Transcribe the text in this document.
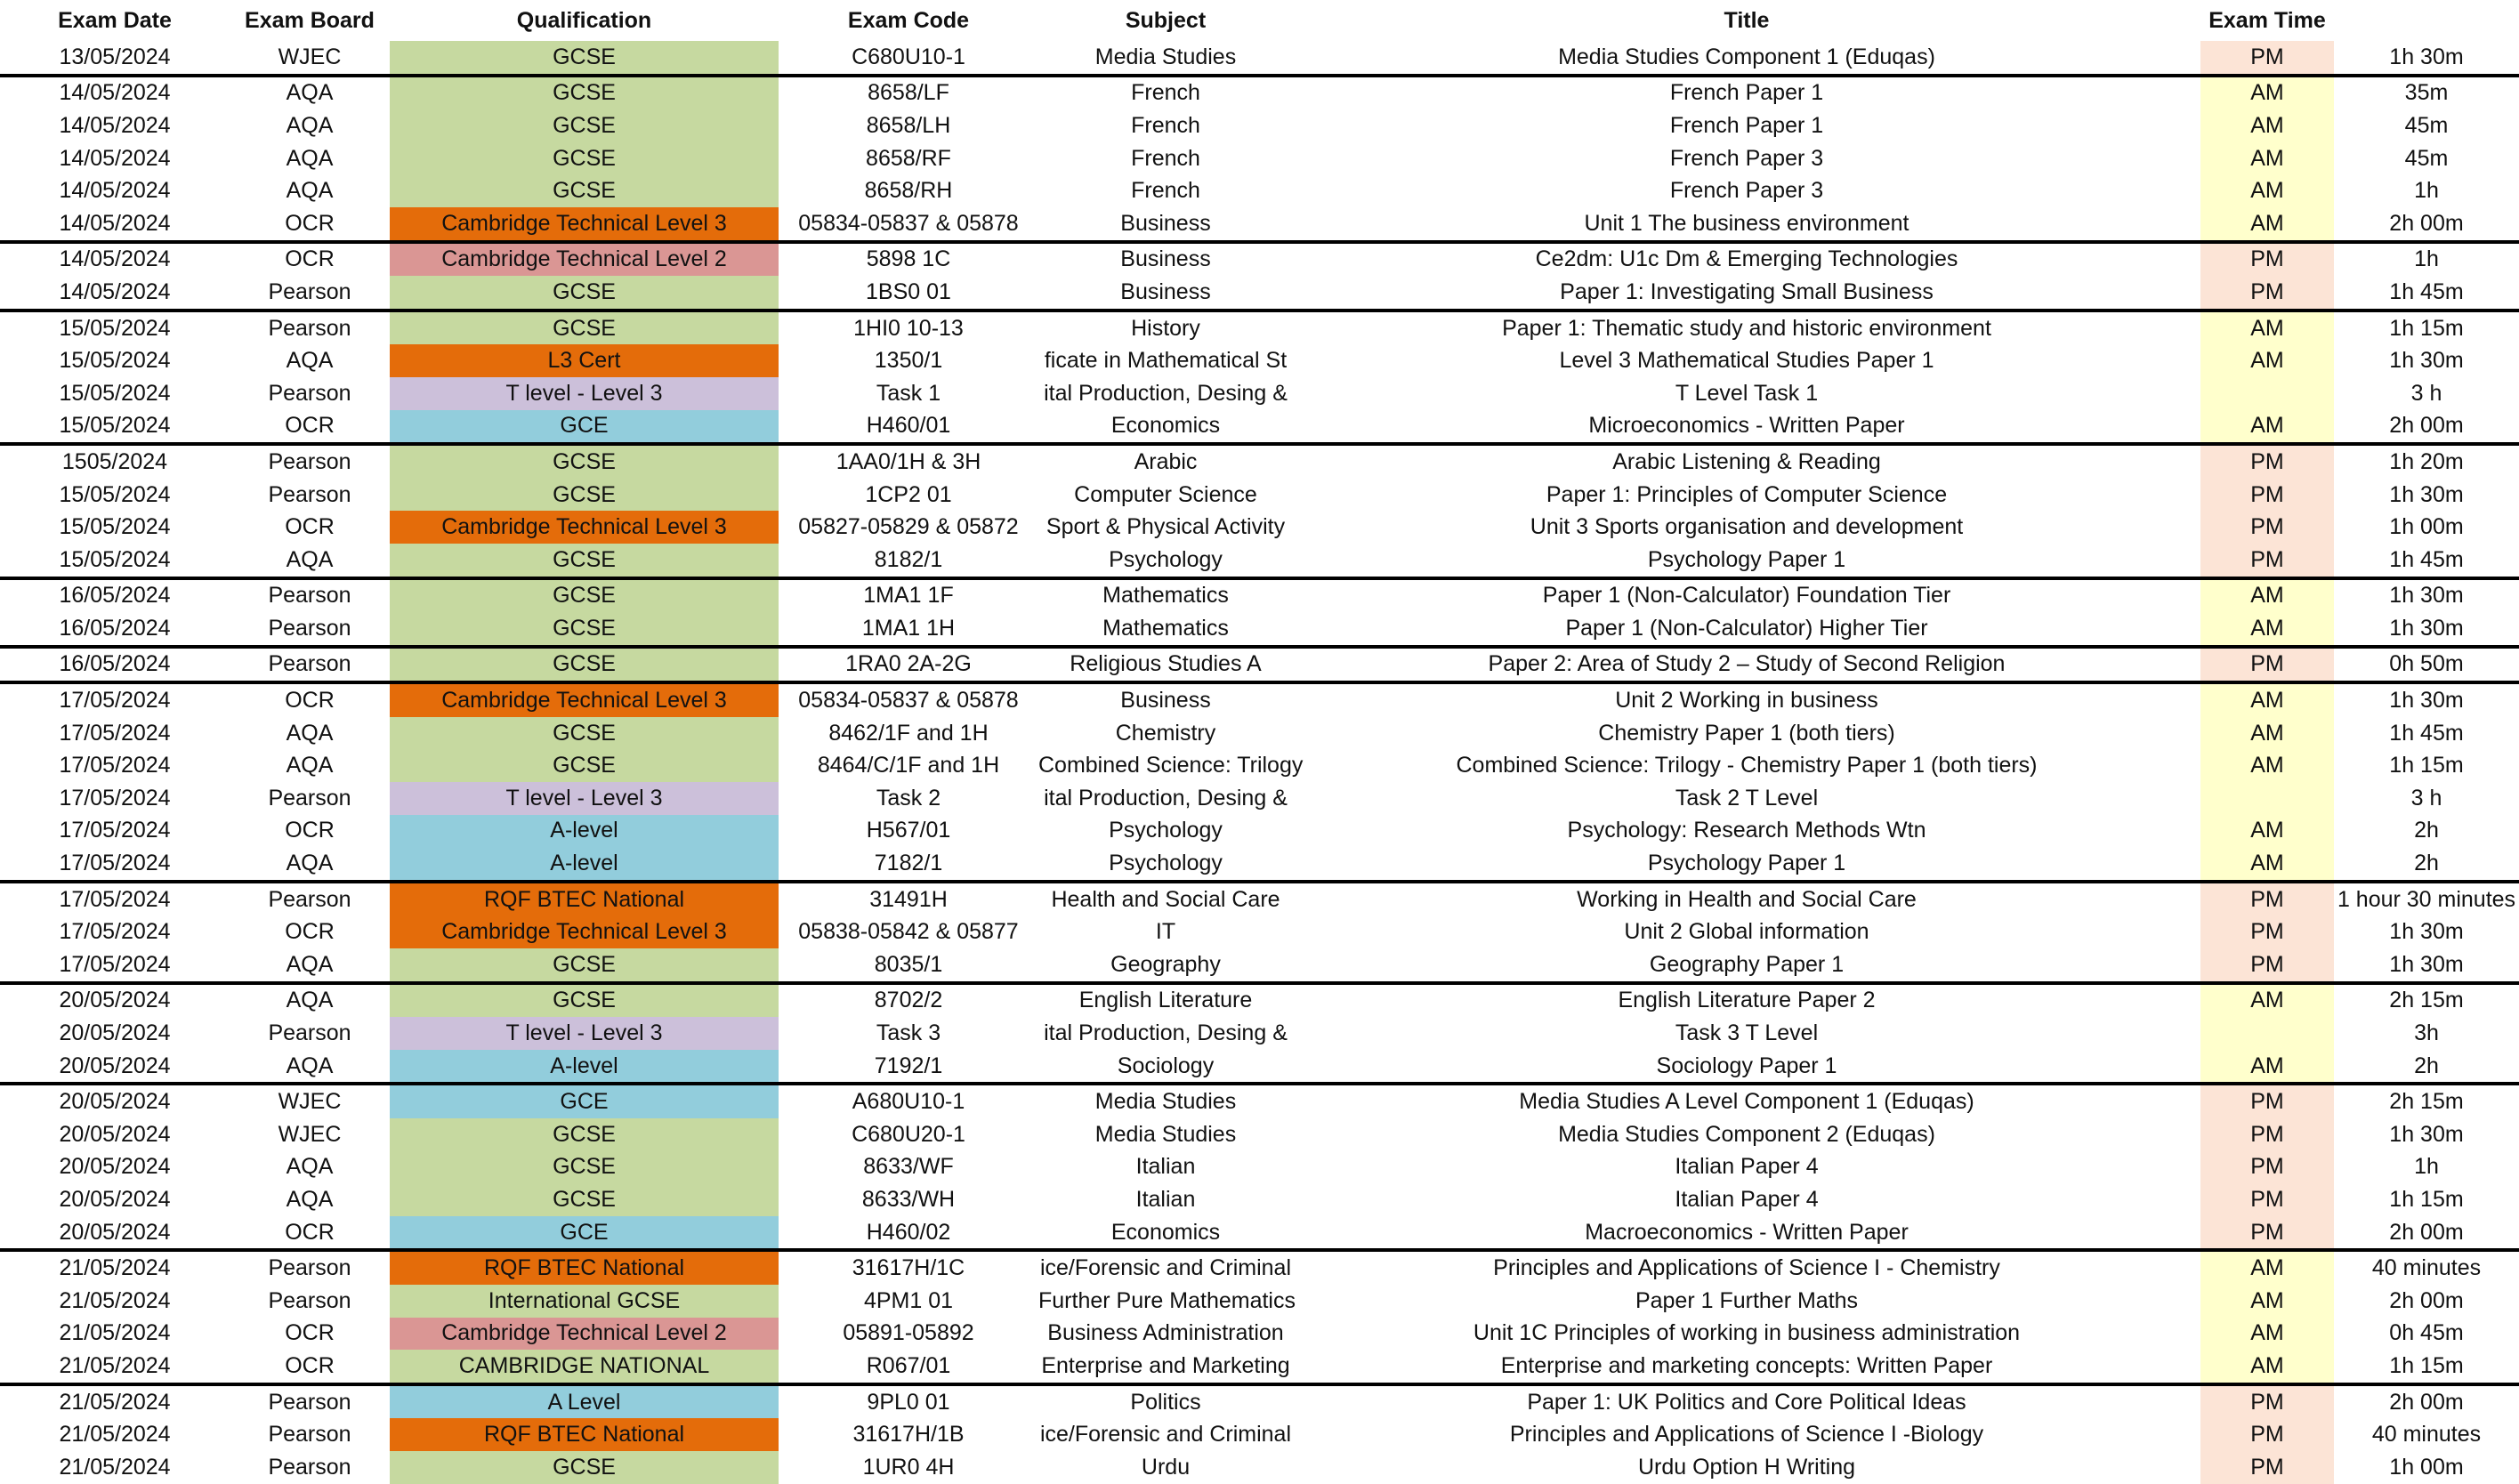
Exam Date	Exam Board	Qualification	Exam Code	Subject	Title	Exam Time	
13/05/2024	WJEC	GCSE	C680U10-1	Media Studies	Media Studies Component 1 (Eduqas)	PM	1h 30m
14/05/2024	AQA	GCSE	8658/LF	French	French Paper 1	AM	35m
14/05/2024	AQA	GCSE	8658/LH	French	French Paper 1	AM	45m
14/05/2024	AQA	GCSE	8658/RF	French	French Paper 3	AM	45m
14/05/2024	AQA	GCSE	8658/RH	French	French Paper 3	AM	1h
14/05/2024	OCR	Cambridge Technical Level 3	05834-05837 & 05878	Business	Unit 1 The business environment	AM	2h 00m
14/05/2024	OCR	Cambridge Technical Level 2	5898 1C	Business	Ce2dm: U1c Dm & Emerging Technologies	PM	1h
14/05/2024	Pearson	GCSE	1BS0 01	Business	Paper 1: Investigating Small Business	PM	1h 45m
15/05/2024	Pearson	GCSE	1HI0 10-13	History	Paper 1: Thematic study and historic environment	AM	1h 15m
15/05/2024	AQA	L3 Cert	1350/1	ficate in Mathematical St	Level 3 Mathematical Studies Paper 1	AM	1h 30m
15/05/2024	Pearson	T level - Level 3	Task 1	ital Production, Desing &	T Level Task 1		3 h
15/05/2024	OCR	GCE	H460/01	Economics	Microeconomics - Written Paper	AM	2h 00m
1505/2024	Pearson	GCSE	1AA0/1H & 3H	Arabic	Arabic Listening & Reading	PM	1h 20m
15/05/2024	Pearson	GCSE	1CP2 01	Computer Science	Paper 1: Principles of Computer Science	PM	1h 30m
15/05/2024	OCR	Cambridge Technical Level 3	05827-05829 & 05872	Sport & Physical Activity	Unit 3 Sports organisation and development	PM	1h 00m
15/05/2024	AQA	GCSE	8182/1	Psychology	Psychology Paper 1	PM	1h 45m
16/05/2024	Pearson	GCSE	1MA1 1F	Mathematics	Paper 1 (Non-Calculator) Foundation Tier	AM	1h 30m
16/05/2024	Pearson	GCSE	1MA1 1H	Mathematics	Paper 1 (Non-Calculator) Higher Tier	AM	1h 30m
16/05/2024	Pearson	GCSE	1RA0 2A-2G	Religious Studies A	Paper 2: Area of Study 2 – Study of Second Religion	PM	0h 50m
17/05/2024	OCR	Cambridge Technical Level 3	05834-05837 & 05878	Business	Unit 2 Working in business	AM	1h 30m
17/05/2024	AQA	GCSE	8462/1F and 1H	Chemistry	Chemistry Paper 1 (both tiers)	AM	1h 45m
17/05/2024	AQA	GCSE	8464/C/1F and 1H	Combined Science: Trilogy	Combined Science: Trilogy - Chemistry Paper 1 (both tiers)	AM	1h 15m
17/05/2024	Pearson	T level - Level 3	Task 2	ital Production, Desing &	Task 2 T Level		3 h
17/05/2024	OCR	A-level	H567/01	Psychology	Psychology: Research Methods Wtn	AM	2h
17/05/2024	AQA	A-level	7182/1	Psychology	Psychology Paper 1	AM	2h
17/05/2024	Pearson	RQF BTEC National	31491H	Health and Social Care	Working in Health and Social Care	PM	1 hour 30 minutes
17/05/2024	OCR	Cambridge Technical Level 3	05838-05842 & 05877	IT	Unit 2 Global information	PM	1h 30m
17/05/2024	AQA	GCSE	8035/1	Geography	Geography Paper 1	PM	1h 30m
20/05/2024	AQA	GCSE	8702/2	English Literature	English Literature Paper 2	AM	2h 15m
20/05/2024	Pearson	T level - Level 3	Task 3	ital Production, Desing &	Task 3 T Level		3h
20/05/2024	AQA	A-level	7192/1	Sociology	Sociology Paper 1	AM	2h
20/05/2024	WJEC	GCE	A680U10-1	Media Studies	Media Studies A Level Component 1 (Eduqas)	PM	2h 15m
20/05/2024	WJEC	GCSE	C680U20-1	Media Studies	Media Studies Component 2 (Eduqas)	PM	1h 30m
20/05/2024	AQA	GCSE	8633/WF	Italian	Italian Paper 4	PM	1h
20/05/2024	AQA	GCSE	8633/WH	Italian	Italian Paper 4	PM	1h 15m
20/05/2024	OCR	GCE	H460/02	Economics	Macroeconomics - Written Paper	PM	2h 00m
21/05/2024	Pearson	RQF BTEC National	31617H/1C	ice/Forensic and Criminal	Principles and Applications of Science I - Chemistry	AM	40 minutes
21/05/2024	Pearson	International GCSE	4PM1 01	Further Pure Mathematics	Paper 1 Further Maths	AM	2h 00m
21/05/2024	OCR	Cambridge Technical Level 2	05891-05892	Business Administration	Unit 1C Principles of working in business administration	AM	0h 45m
21/05/2024	OCR	CAMBRIDGE NATIONAL	R067/01	Enterprise and Marketing	Enterprise and marketing concepts: Written Paper	AM	1h 15m
21/05/2024	Pearson	A Level	9PL0 01	Politics	Paper 1: UK Politics and Core Political Ideas	PM	2h 00m
21/05/2024	Pearson	RQF BTEC National	31617H/1B	ice/Forensic and Criminal	Principles and Applications of Science I -Biology	PM	40 minutes
21/05/2024	Pearson	GCSE	1UR0 4H	Urdu	Urdu Option H Writing	PM	1h 00m
